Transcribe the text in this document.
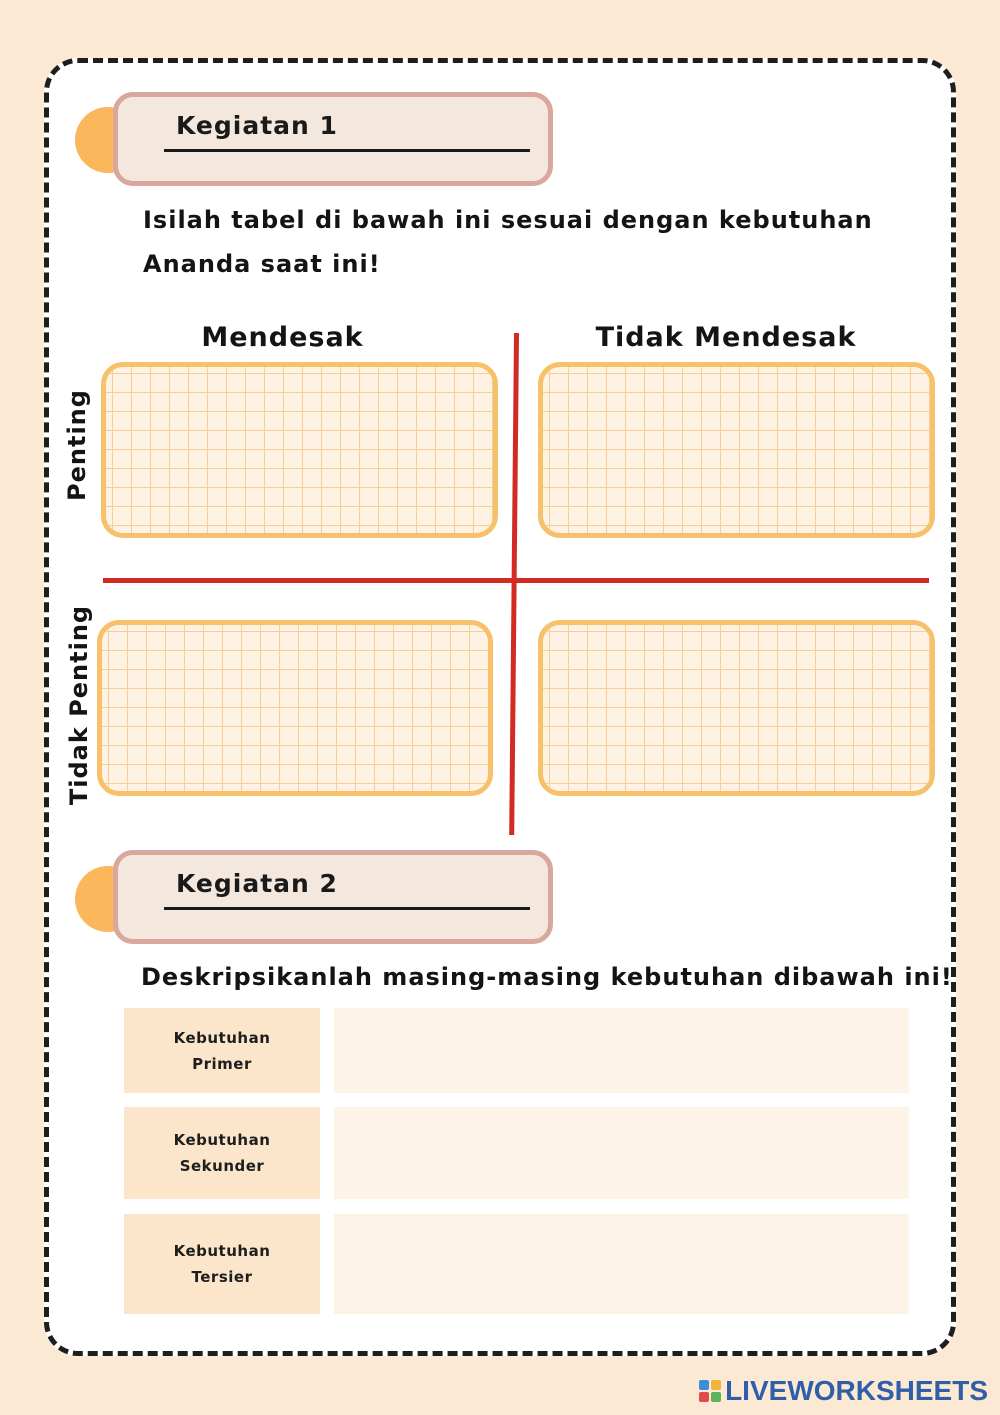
Kegiatan 1
Isilah tabel di bawah ini sesuai dengan kebutuhan
Ananda saat ini!
Mendesak	Tidak Mendesak
Penting
Tidak Penting
Kegiatan 2
Deskripsikanlah masing-masing kebutuhan dibawah ini!
Kebutuhan Primer
Kebutuhan Sekunder
Kebutuhan Tersier
LIVEWORKSHEETS
